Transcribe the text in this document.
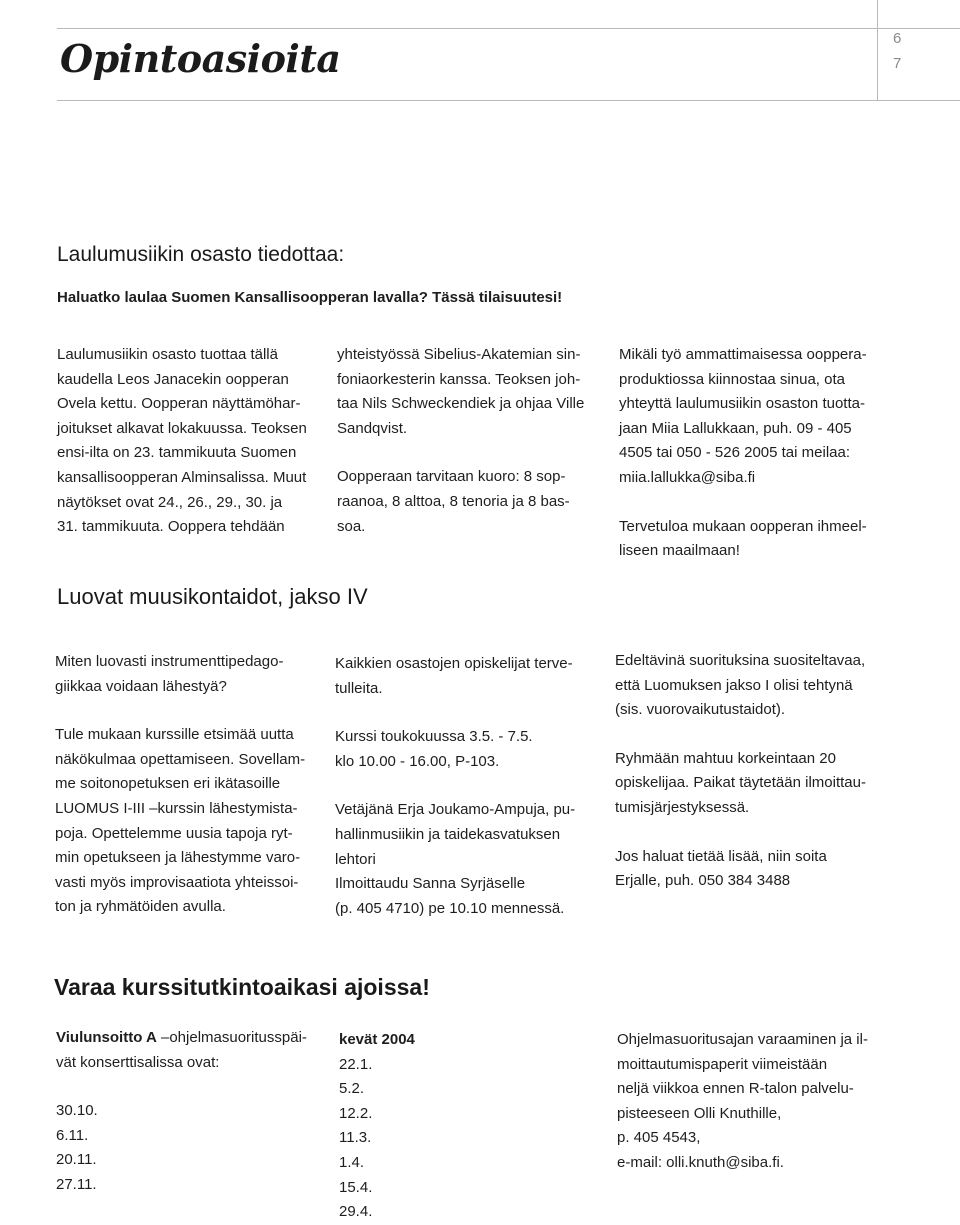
Opintoasioita	6
7
Laulumusiikin osasto tiedottaa:

Haluatko laulaa Suomen Kansallisoopperan lavalla? Tässä tilaisuutesi!

Laulumusiikin osasto tuottaa tällä

kaudella Leos Janacekin oopperan

Ovela kettu. Oopperan näyttämöhar-

joitukset alkavat lokakuussa. Teoksen

ensi-ilta on 23. tammikuuta Suomen

kansallisoopperan Alminsalissa. Muut

näytökset ovat 24., 26., 29., 30. ja

31. tammikuuta. Ooppera tehdään

yhteistyössä Sibelius-Akatemian sin-

foniaorkesterin kanssa. Teoksen joh-

taa Nils Schweckendiek ja ohjaa Ville

Sandqvist.

Oopperaan tarvitaan kuoro: 8 sop-

raanoa, 8 alttoa, 8 tenoria ja 8 bas-

soa.

Mikäli työ ammattimaisessa ooppera-

produktiossa kiinnostaa sinua, ota

yhteyttä laulumusiikin osaston tuotta-

jaan Miia Lallukkaan, puh. 09 - 405

4505 tai 050 - 526 2005 tai meilaa:

miia.lallukka@siba.fi

Tervetuloa mukaan oopperan ihmeel-

liseen maailmaan!

Luovat muusikontaidot, jakso IV

Miten luovasti instrumenttipedago-

giikkaa voidaan lähestyä?

Tule mukaan kurssille etsimää uutta

näkökulmaa opettamiseen. Sovellam-

me soitonopetuksen eri ikätasoille

LUOMUS I-III –kurssin lähestymista-

poja. Opettelemme uusia tapoja ryt-

min opetukseen ja lähestymme varo-

vasti myös improvisaatiota yhteissoi-

ton ja ryhmätöiden avulla.

Kaikkien osastojen opiskelijat terve-

tulleita.

Kurssi toukokuussa 3.5. - 7.5.

klo 10.00 - 16.00, P-103.

Vetäjänä Erja Joukamo-Ampuja, pu-

hallinmusiikin ja taidekasvatuksen

lehtori

Ilmoittaudu Sanna Syrjäselle

(p. 405 4710) pe 10.10 mennessä.

Edeltävinä suorituksina suositeltavaa,

että Luomuksen jakso I olisi tehtynä

(sis. vuorovaikutustaidot).

Ryhmään mahtuu korkeintaan 20

opiskelijaa. Paikat täytetään ilmoittau-

tumisjärjestyksessä.

Jos haluat tietää lisää, niin soita

Erjalle, puh. 050 384 3488

Varaa kurssitutkintoaikasi ajoissa!
Viulunsoitto A –ohjelmasuoritusspäi-
vät konserttisalissa ovat:
30.10.
6.11.
20.11.
27.11.
kevät 2004
22.1.
5.2.
12.2.
11.3.
1.4.
15.4.
29.4.

Ohjelmasuoritusajan varaaminen ja il-

moittautumispaperit viimeistään

neljä viikkoa ennen R-talon palvelu-

pisteeseen Olli Knuthille,

p. 405 4543,

e-mail: olli.knuth@siba.fi.
